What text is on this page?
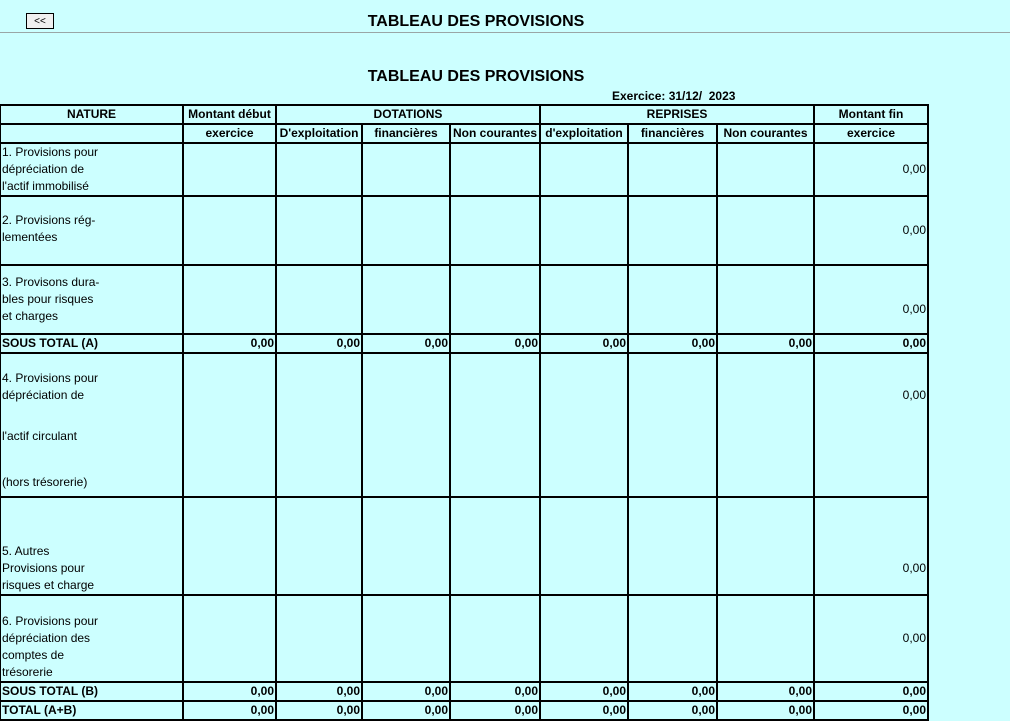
<<	TABLEAU DES PROVISIONS
TABLEAU DES PROVISIONS
Exercice: 31/12/  2023
NATURE	Montant début	DOTATIONS			REPRISES			Montant fin
	exercice	D'exploitation	financières	Non courantes	d'exploitation	financières	Non courantes	exercice

1. Provisions pour
dépréciation de
l'actif immobilisé								0,00

2. Provisions rég-
lementées								0,00

3. Provisons dura-
bles pour risques
et charges								0,00
SOUS TOTAL (A)	0,00	0,00	0,00	0,00	0,00	0,00	0,00	0,00

4. Provisions pour
dépréciation de
l'actif circulant
(hors trésorerie)								0,00

5. Autres
Provisions pour
risques et charge								0,00

6. Provisions pour
dépréciation des
comptes de
trésorerie								0,00
SOUS TOTAL (B)	0,00	0,00	0,00	0,00	0,00	0,00	0,00	0,00
TOTAL (A+B)	0,00	0,00	0,00	0,00	0,00	0,00	0,00	0,00
